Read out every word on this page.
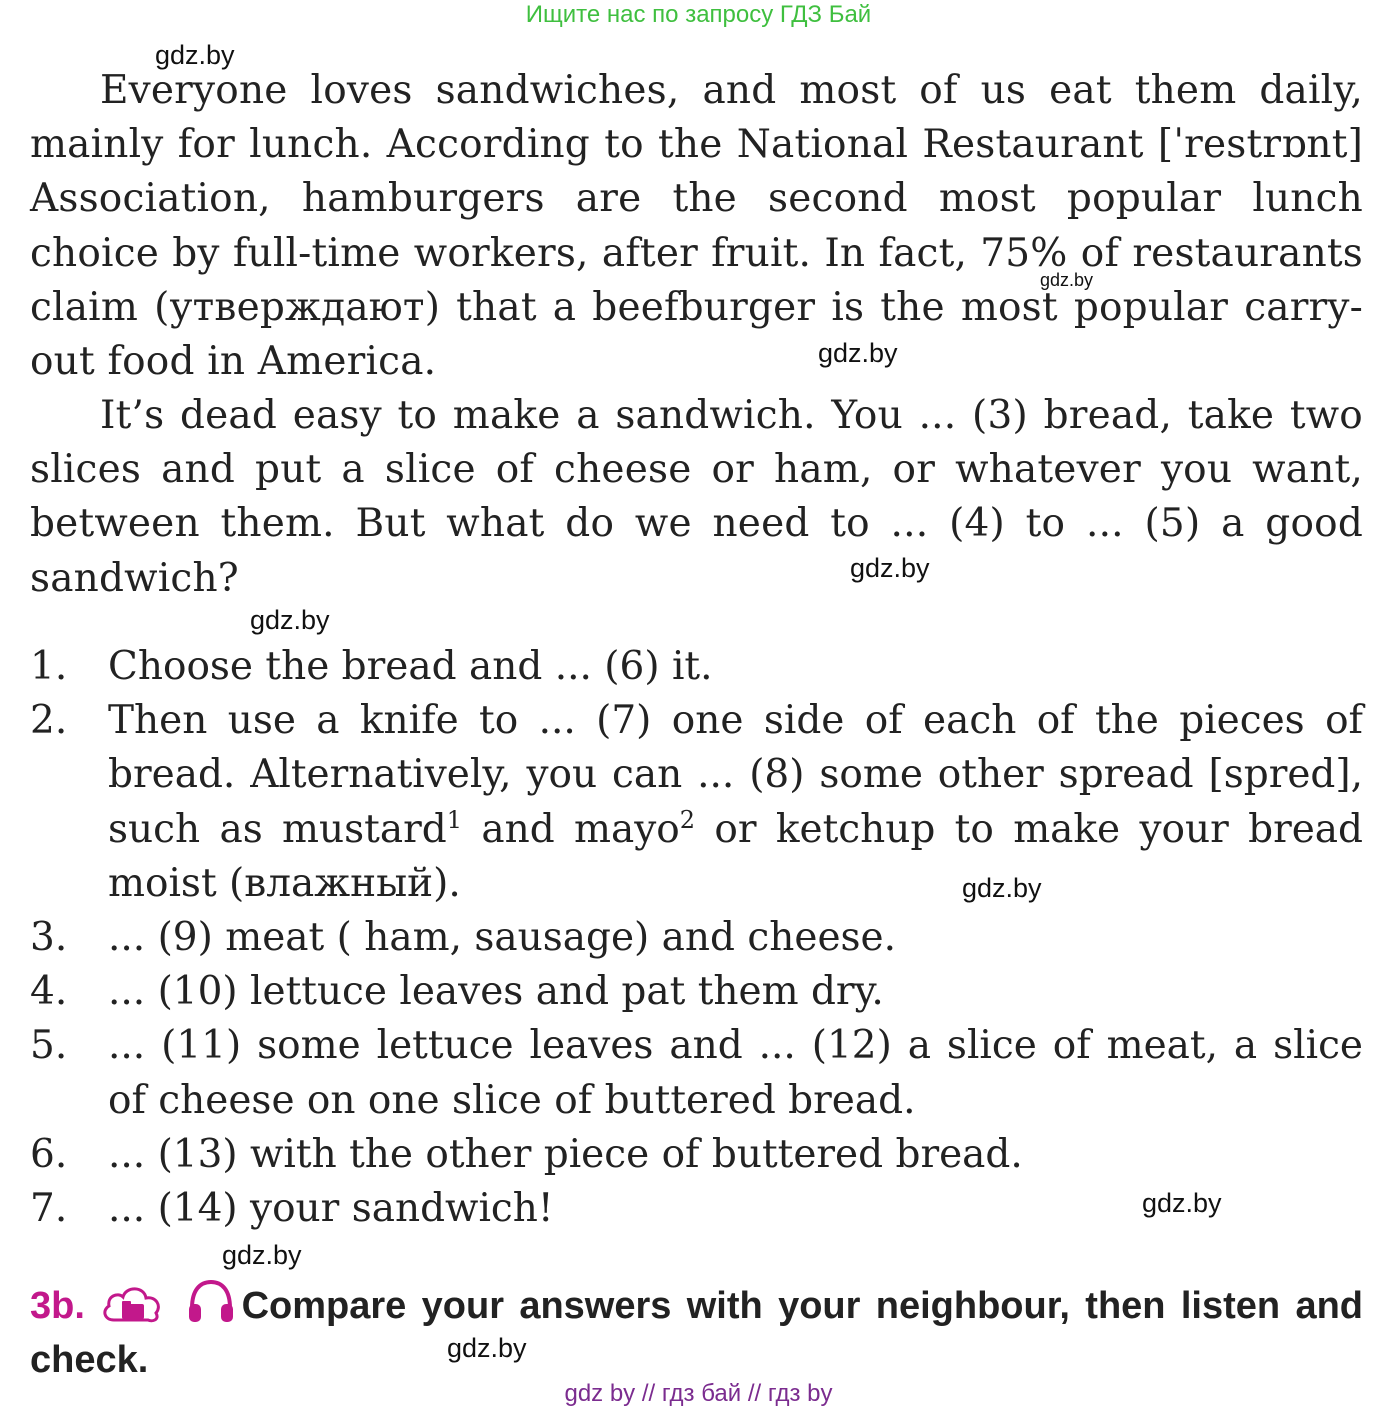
Ищите нас по запросу ГДЗ Бай
gdz.by
gdz.by
gdz.by
gdz.by
gdz.by
gdz.by
gdz.by
gdz.by
gdz.by
Everyone loves sandwiches, and most of us eat them daily, mainly for lunch. According to the National Restaurant [ˈrestrɒnt] Association, hamburgers are the second most popular lunch choice by full-time workers, after fruit. In fact, 75% of restaurants claim (утверждают) that a beefburger is the most popular carry-out food in America.
It’s dead easy to make a sandwich. You ... (3) bread, take two slices and put a slice of cheese or ham, or whatever you want, between them. But what do we need to ... (4) to ... (5) a good sandwich?
1.	Choose the bread and ... (6) it.
2.	Then use a knife to ... (7) one side of each of the pieces of bread. Alternatively, you can ... (8) some other spread [spred], such as mustard$^1$ and mayo$^2$ or ketchup to make your bread moist (влажный).
3.	... (9) meat ( ham, sausage) and cheese.
4.	... (10) lettuce leaves and pat them dry.
5.	... (11) some lettuce leaves and ... (12) a slice of meat, a slice of cheese on one slice of buttered bread.
6.	... (13) with the other piece of buttered bread.
7.	... (14) your sandwich!
3b.	Compare your answers with your neighbour, then listen and check.
gdz by // гдз бай // гдз by
